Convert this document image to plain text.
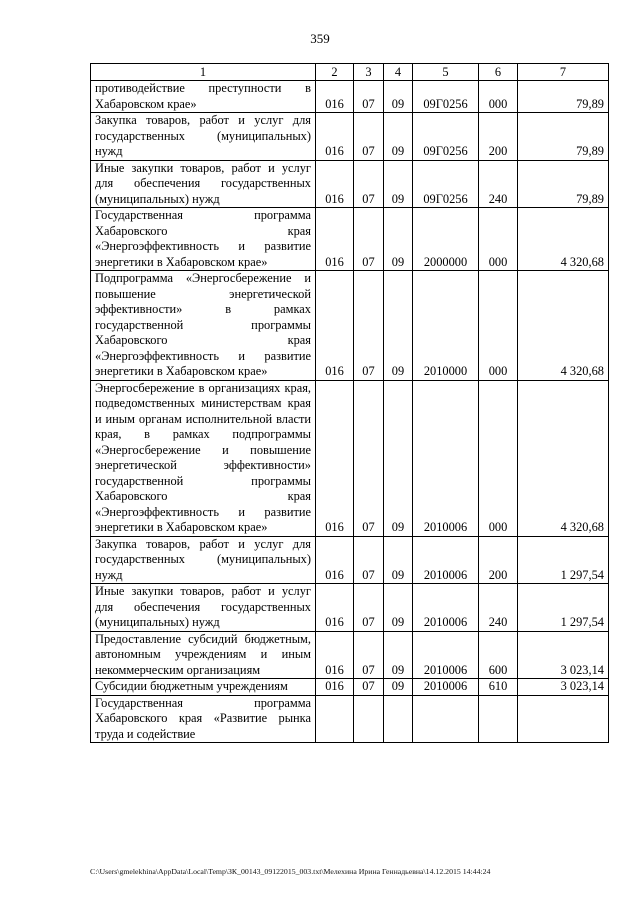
359
1	2	3	4	5	6	7
противодействие преступности в Хабаровском крае»	016	07	09	09Г0256	000	79,89
Закупка товаров, работ и услуг для государственных (муниципальных) нужд	016	07	09	09Г0256	200	79,89
Иные закупки товаров, работ и услуг для обеспечения государственных (муниципальных) нужд	016	07	09	09Г0256	240	79,89
Государственная программа Хабаровского края «Энергоэффективность и развитие энергетики в Хабаровском крае»	016	07	09	2000000	000	4 320,68
Подпрограмма «Энергосбережение и повышение энергетической эффективности» в рамках государственной программы Хабаровского края «Энергоэффективность и развитие энергетики в Хабаровском крае»	016	07	09	2010000	000	4 320,68
Энергосбережение в организациях края, подведомственных министерствам края и иным органам исполнительной власти края, в рамках подпрограммы «Энергосбережение и повышение энергетической эффективности» государственной программы Хабаровского края «Энергоэффективность и развитие энергетики в Хабаровском крае»	016	07	09	2010006	000	4 320,68
Закупка товаров, работ и услуг для государственных (муниципальных) нужд	016	07	09	2010006	200	1 297,54
Иные закупки товаров, работ и услуг для обеспечения государственных (муниципальных) нужд	016	07	09	2010006	240	1 297,54
Предоставление субсидий бюджетным, автономным учреждениям и иным некоммерческим организациям	016	07	09	2010006	600	3 023,14
Субсидии бюджетным учреждениям	016	07	09	2010006	610	3 023,14
Государственная программа Хабаровского края «Развитие рынка труда и содействие						
C:\Users\gmelekhina\AppData\Local\Temp\ЗК_00143_09122015_003.txt\Мелехина Ирина Геннадьевна\14.12.2015 14:44:24
